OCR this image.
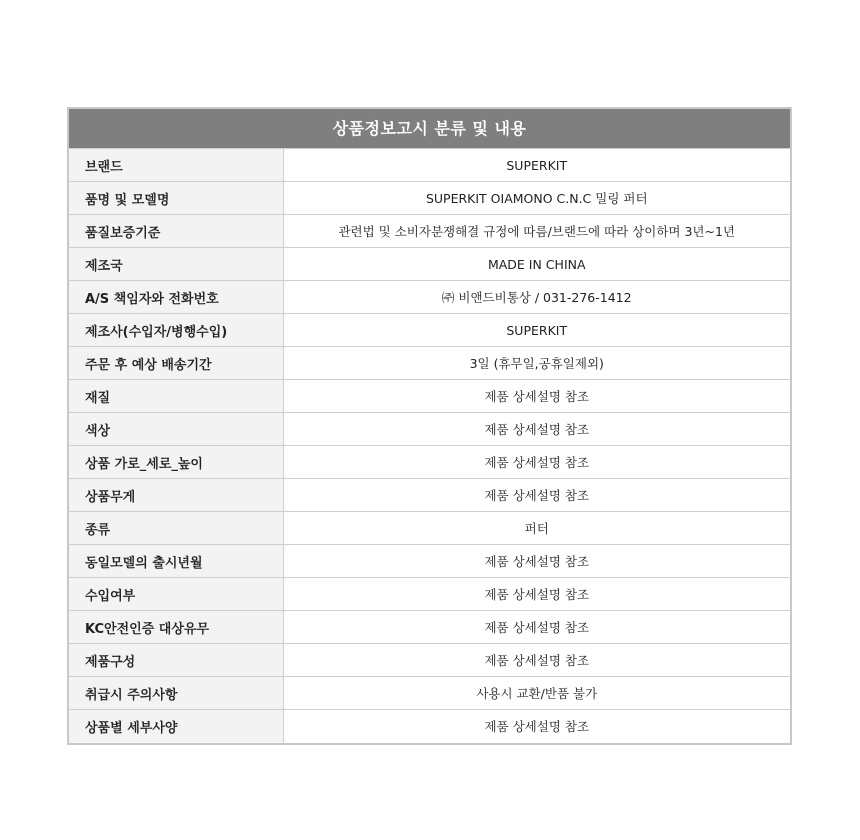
상품정보고시 분류 및 내용
브랜드	SUPERKIT
품명 및 모델명	SUPERKIT OIAMONO C.N.C 밀링 퍼터
품질보증기준	관련법 및 소비자분쟁해결 규정에 따름/브랜드에 따라 상이하며 3년~1년
제조국	MADE IN CHINA
A/S 책임자와 전화번호	㈜ 비앤드비통상 / 031-276-1412
제조사(수입자/병행수입)	SUPERKIT
주문 후 예상 배송기간	3일 (휴무일,공휴일제외)
재질	제품 상세설명 참조
색상	제품 상세설명 참조
상품 가로_세로_높이	제품 상세설명 참조
상품무게	제품 상세설명 참조
종류	퍼터
동일모델의 출시년월	제품 상세설명 참조
수입여부	제품 상세설명 참조
KC안전인증 대상유무	제품 상세설명 참조
제품구성	제품 상세설명 참조
취급시 주의사항	사용시 교환/반품 불가
상품별 세부사양	제품 상세설명 참조
